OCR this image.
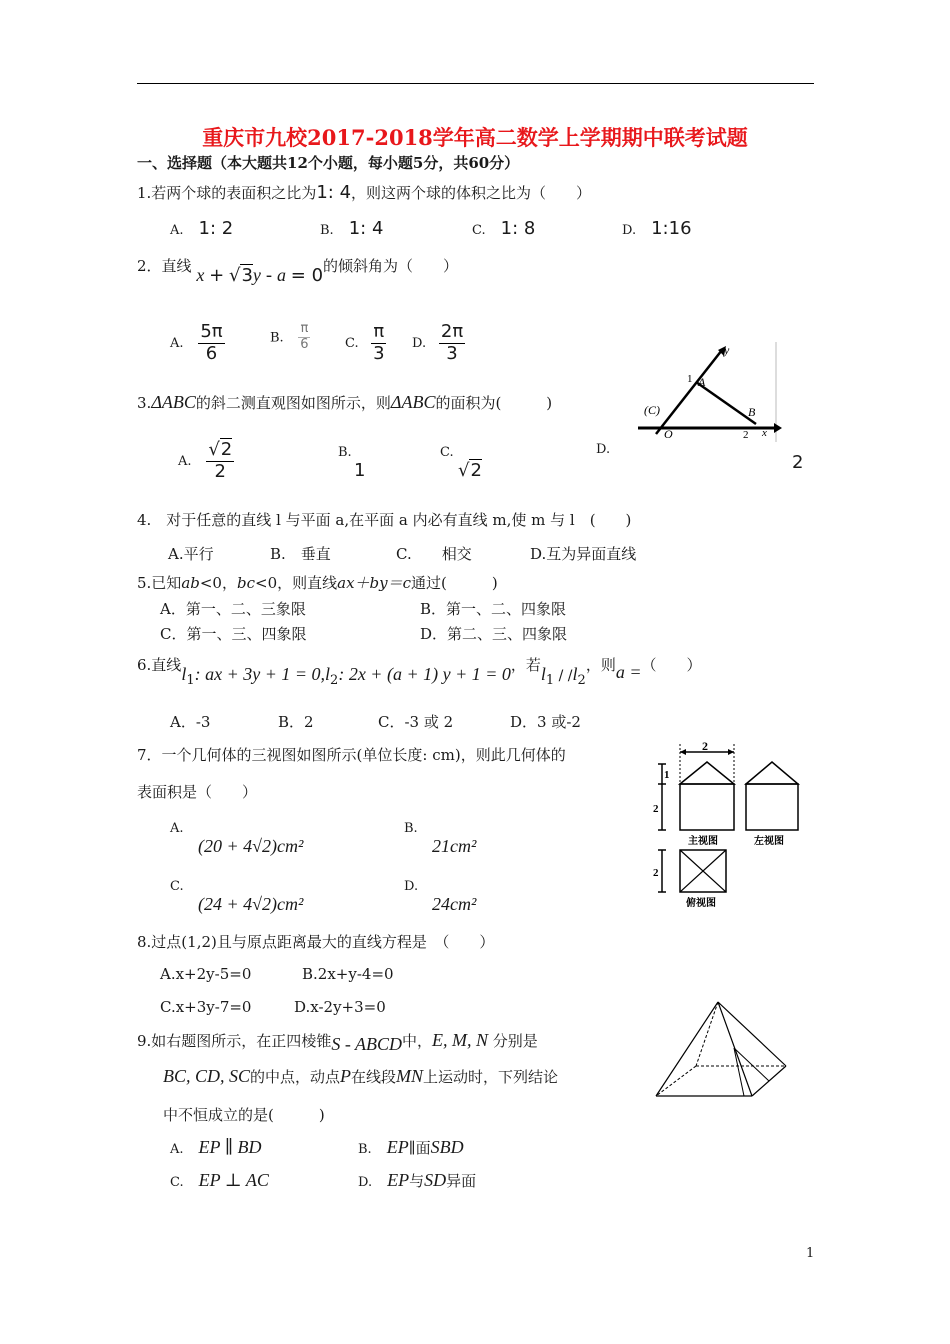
重庆市九校2017-2018学年高二数学上学期期中联考试题
一、选择题（本大题共12个小题，每小题5分，共60分）
1.若两个球的表面积之比为1: 4，则这两个球的体积之比为（　　）
A.　 1: 2	B.　 1: 4	C.　 1: 8	D.　 1:16
2．直线 x + √3y - a = 0的倾斜角为（　　）
A. $\frac{5\pi}{6}$	B. $\frac{\pi}{6}$	C. $\frac{\pi}{3} D$. $\frac{2\pi}{3}$
3.ΔABC的斜二测直观图如图所示，则ΔABC的面积为(　　　)
A. $\frac{√2}{2}$	B.
1
C.
√2
D.
2
y
1 A
(C)
O
B
2 x
4.　对于任意的直线 l 与平面 a,在平面 a 内必有直线 m,使 m 与 l　(　　)
A.平行	B.　垂直	C.　　相交	D.互为异面直线
5.已知ab<0，bc<0，则直线ax＋by＝c通过(　　　)
A．第一、二、三象限	B．第一、二、四象限
C．第一、三、四象限	D．第二、三、四象限
6.直线$l_1$: ax + $3y + 1 = 0,l_2$: 2x + (a + 1) y + 1 = 0，若$l_1 / /l_2$，则a =（　　）
A．-3	B．2	C．-3 或 2	D．3 或-2
7．一个几何体的三视图如图所示(单位长度: cm)，则此几何体的
表面积是（　　）
A.
(20 + 4√2)cm²
B.
21cm²
C.
(24 + 4√2)cm²
D.
24cm²
2
1
2
主视图	左视图
2
俯视图
8.过点(1,2)且与原点距离最大的直线方程是　（　　）
A.x+2y-5=0	B.2x+y-4=0
C.x+3y-7=0	D.x-2y+3=0
9.如右题图所示，在正四棱锥S - ABCD中，E, M, N 分别是
BC, CD, SC的中点，动点P在线段MN上运动时，下列结论
中不恒成立的是(　　　)
A.　 EP ∥ BD	B.　 EP∥面SBD
C.　 EP ⊥ AC	D.　 EP与SD异面
1
